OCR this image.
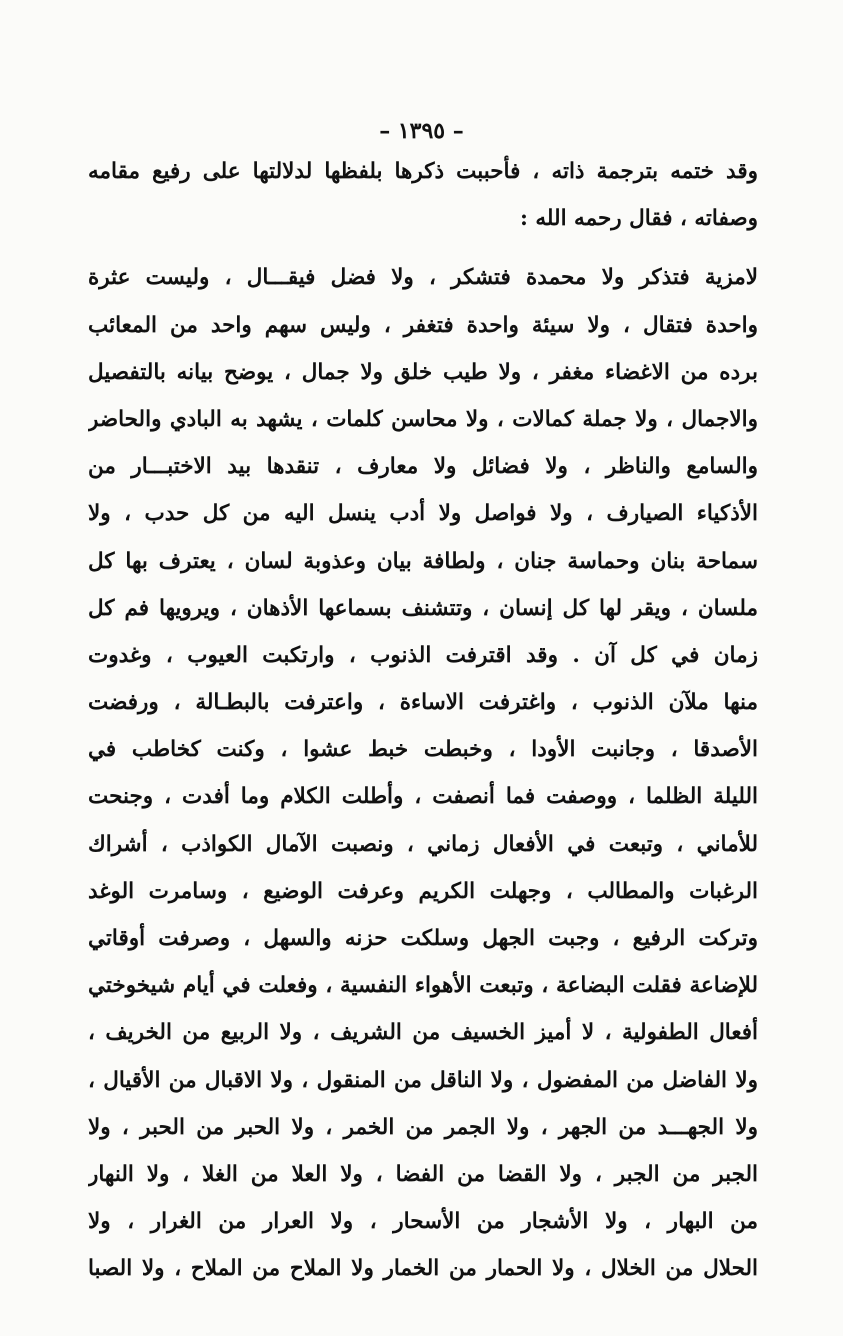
– ١٣٩٥ –
وقد ختمه بترجمة ذاته ، فأحببت ذكرها بلفظها لدلالتها على رفيع مقامه
وصفاته ، فقال رحمه الله :
لامزية فتذكر ولا محمدة فتشكر ، ولا فضل فيقـــال ، وليست عثرة
واحدة فتقال ، ولا سيئة واحدة فتغفر ، وليس سهم واحد من المعائب
برده من الاغضاء مغفر ، ولا طيب خلق ولا جمال ، يوضح بيانه بالتفصيل
والاجمال ، ولا جملة كمالات ، ولا محاسن كلمات ، يشهد به البادي والحاضر
والسامع والناظر ، ولا فضائل ولا معارف ، تنقدها بيد الاختبـــار من
الأذكياء الصيارف ، ولا فواصل ولا أدب ينسل اليه من كل حدب ، ولا
سماحة بنان وحماسة جنان ، ولطافة بيان وعذوبة لسان ، يعترف بها كل
ملسان ، ويقر لها كل إنسان ، وتتشنف بسماعها الأذهان ، ويرويها فم كل
زمان في كل آن . وقد اقترفت الذنوب ، وارتكبت العيوب ، وغدوت
منها ملآن الذنوب ، واغترفت الاساءة ، واعترفت بالبطـالة ، ورفضت
الأصدقا ، وجانبت الأودا ، وخبطت خبط عشوا ، وكنت كخاطب في
الليلة الظلما ، ووصفت فما أنصفت ، وأطلت الكلام وما أفدت ، وجنحت
للأماني ، وتبعت في الأفعال زماني ، ونصبت الآمال الكواذب ، أشراك
الرغبات والمطالب ، وجهلت الكريم وعرفت الوضيع ، وسامرت الوغد
وتركت الرفيع ، وجبت الجهل وسلكت حزنه والسهل ، وصرفت أوقاتي
للإضاعة فقلت البضاعة ، وتبعت الأهواء النفسية ، وفعلت في أيام شيخوختي
أفعال الطفولية ، لا أميز الخسيف من الشريف ، ولا الربيع من الخريف ،
ولا الفاضل من المفضول ، ولا الناقل من المنقول ، ولا الاقبال من الأقيال ،
ولا الجهـــد من الجهر ، ولا الجمر من الخمر ، ولا الحبر من الحبر ، ولا
الجبر من الجبر ، ولا القضا من الفضا ، ولا العلا من الغلا ، ولا النهار
من البهار ، ولا الأشجار من الأسحار ، ولا العرار من الغرار ، ولا
الحلال من الخلال ، ولا الحمار من الخمار ولا الملاح من الملاح ، ولا الصبا
